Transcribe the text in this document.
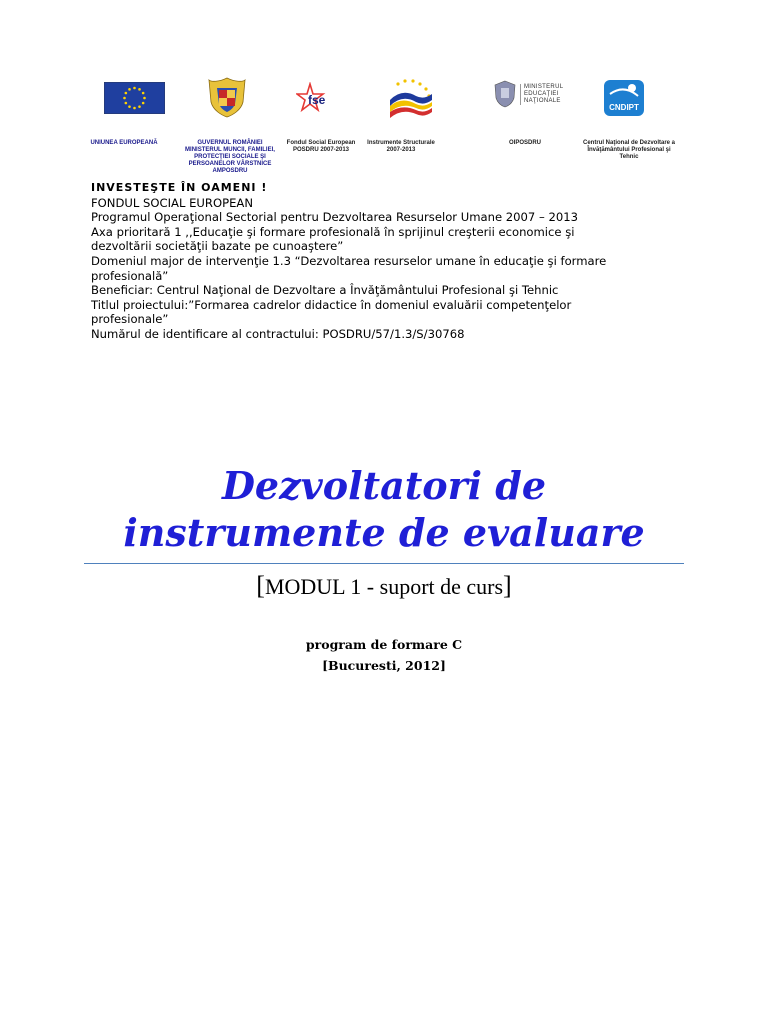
fse
MINISTERUL
EDUCAŢIEI
NAŢIONALE
CNDIPT
UNIUNEA EUROPEANĂ	GUVERNUL ROMÂNIEI
MINISTERUL MUNCII, FAMILIEI,
PROTECŢIEI SOCIALE ŞI
PERSOANELOR VÂRSTNICE
AMPOSDRU
Fondul Social European
POSDRU 2007-2013
Instrumente Structurale
2007-2013
OIPOSDRU	Centrul Naţional de Dezvoltare a
Învăţământului Profesional şi
Tehnic
INVESTEŞTE ÎN OAMENI !
FONDUL SOCIAL EUROPEAN
Programul Operaţional Sectorial pentru Dezvoltarea Resurselor Umane 2007 – 2013
Axa prioritară 1 ,,Educaţie şi formare profesională în sprijinul creşterii economice şi
dezvoltării societăţii bazate pe cunoaştere”
Domeniul major de intervenţie 1.3 “Dezvoltarea resurselor umane în educaţie şi formare
profesională”
Beneficiar: Centrul Naţional de Dezvoltare a Învăţământului Profesional şi Tehnic
Titlul proiectului:”Formarea cadrelor didactice în domeniul evaluării competenţelor
profesionale”
Numărul de identificare al contractului: POSDRU/57/1.3/S/30768
Dezvoltatori de
instrumente de evaluare
[MODUL 1 - suport de curs]
program de formare C
[Bucuresti, 2012]
